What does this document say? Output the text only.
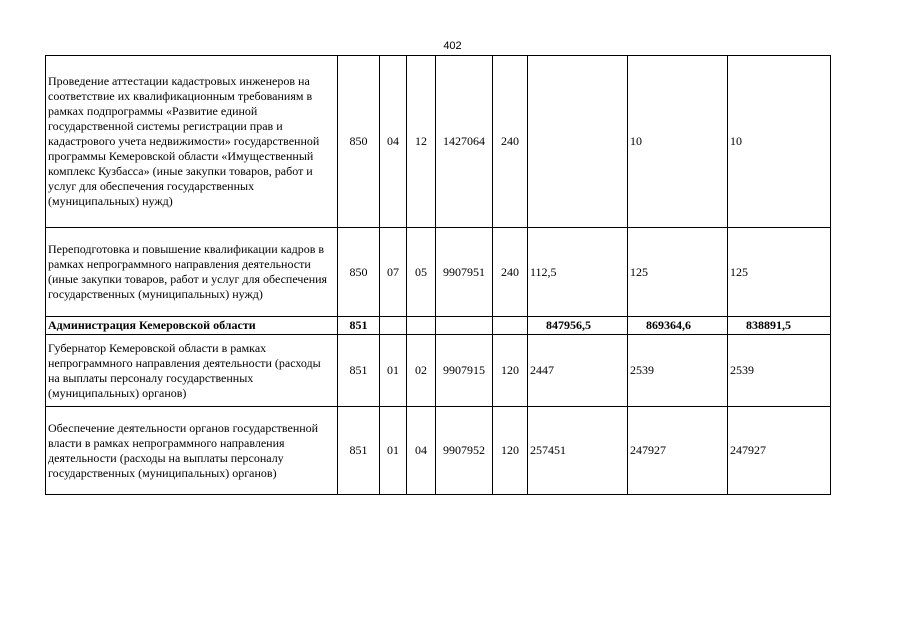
402
Проведение аттестации кадастровых инженеров на соответствие их квалификационным требованиям в рамках подпрограммы «Развитие единой государственной системы регистрации прав и кадастрового учета недвижимости» государственной программы Кемеровской области «Имущественный комплекс Кузбасса» (иные закупки товаров, работ и услуг для обеспечения государственных (муниципальных) нужд)	850	04	12	1427064	240		10	10
Переподготовка и повышение квалификации кадров в рамках непрограммного направления деятельности (иные закупки товаров, работ и услуг для обеспечения государственных (муниципальных) нужд)	850	07	05	9907951	240	112,5	125	125
Администрация Кемеровской области	851					847956,5	869364,6	838891,5
Губернатор Кемеровской области в рамках непрограммного направления деятельности (расходы на выплаты персоналу государственных (муниципальных) органов)	851	01	02	9907915	120	2447	2539	2539
Обеспечение деятельности органов государственной власти в рамках непрограммного направления деятельности (расходы на выплаты персоналу государственных (муниципальных) органов)	851	01	04	9907952	120	257451	247927	247927
